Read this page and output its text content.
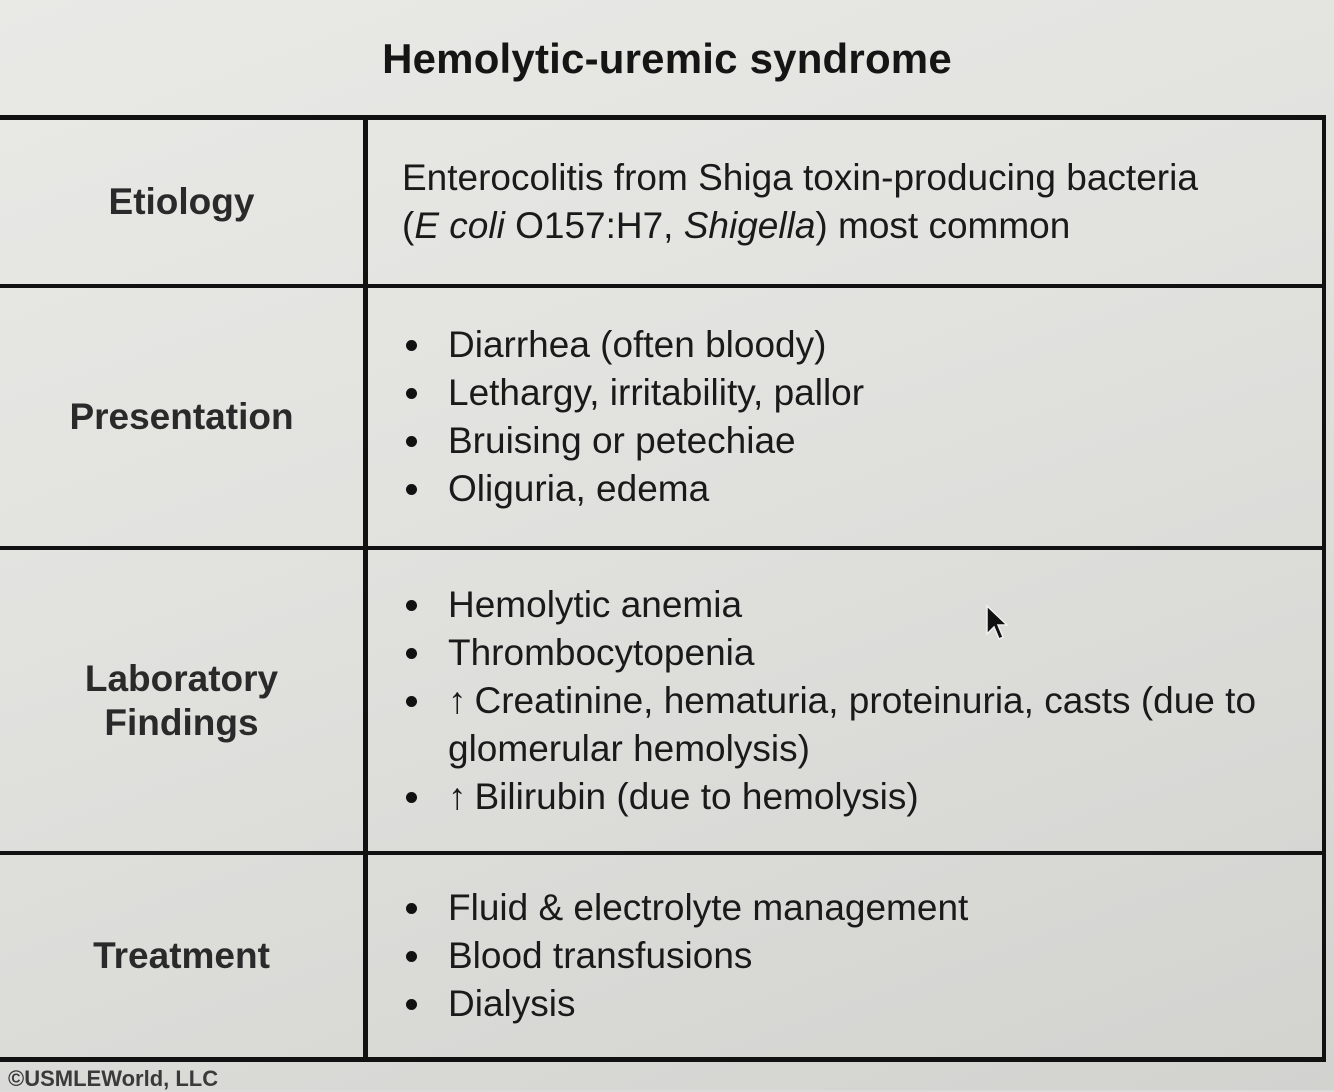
Hemolytic-uremic syndrome
Etiology
Enterocolitis from Shiga toxin-producing bacteria
(E coli O157:H7, Shigella) most common
Presentation
Diarrhea (often bloody)
Lethargy, irritability, pallor
Bruising or petechiae
Oliguria, edema
Laboratory
Findings
Hemolytic anemia
Thrombocytopenia
↑ Creatinine, hematuria, proteinuria, casts (due to glomerular hemolysis)
↑ Bilirubin (due to hemolysis)
Treatment
Fluid & electrolyte management
Blood transfusions
Dialysis
©USMLEWorld, LLC
